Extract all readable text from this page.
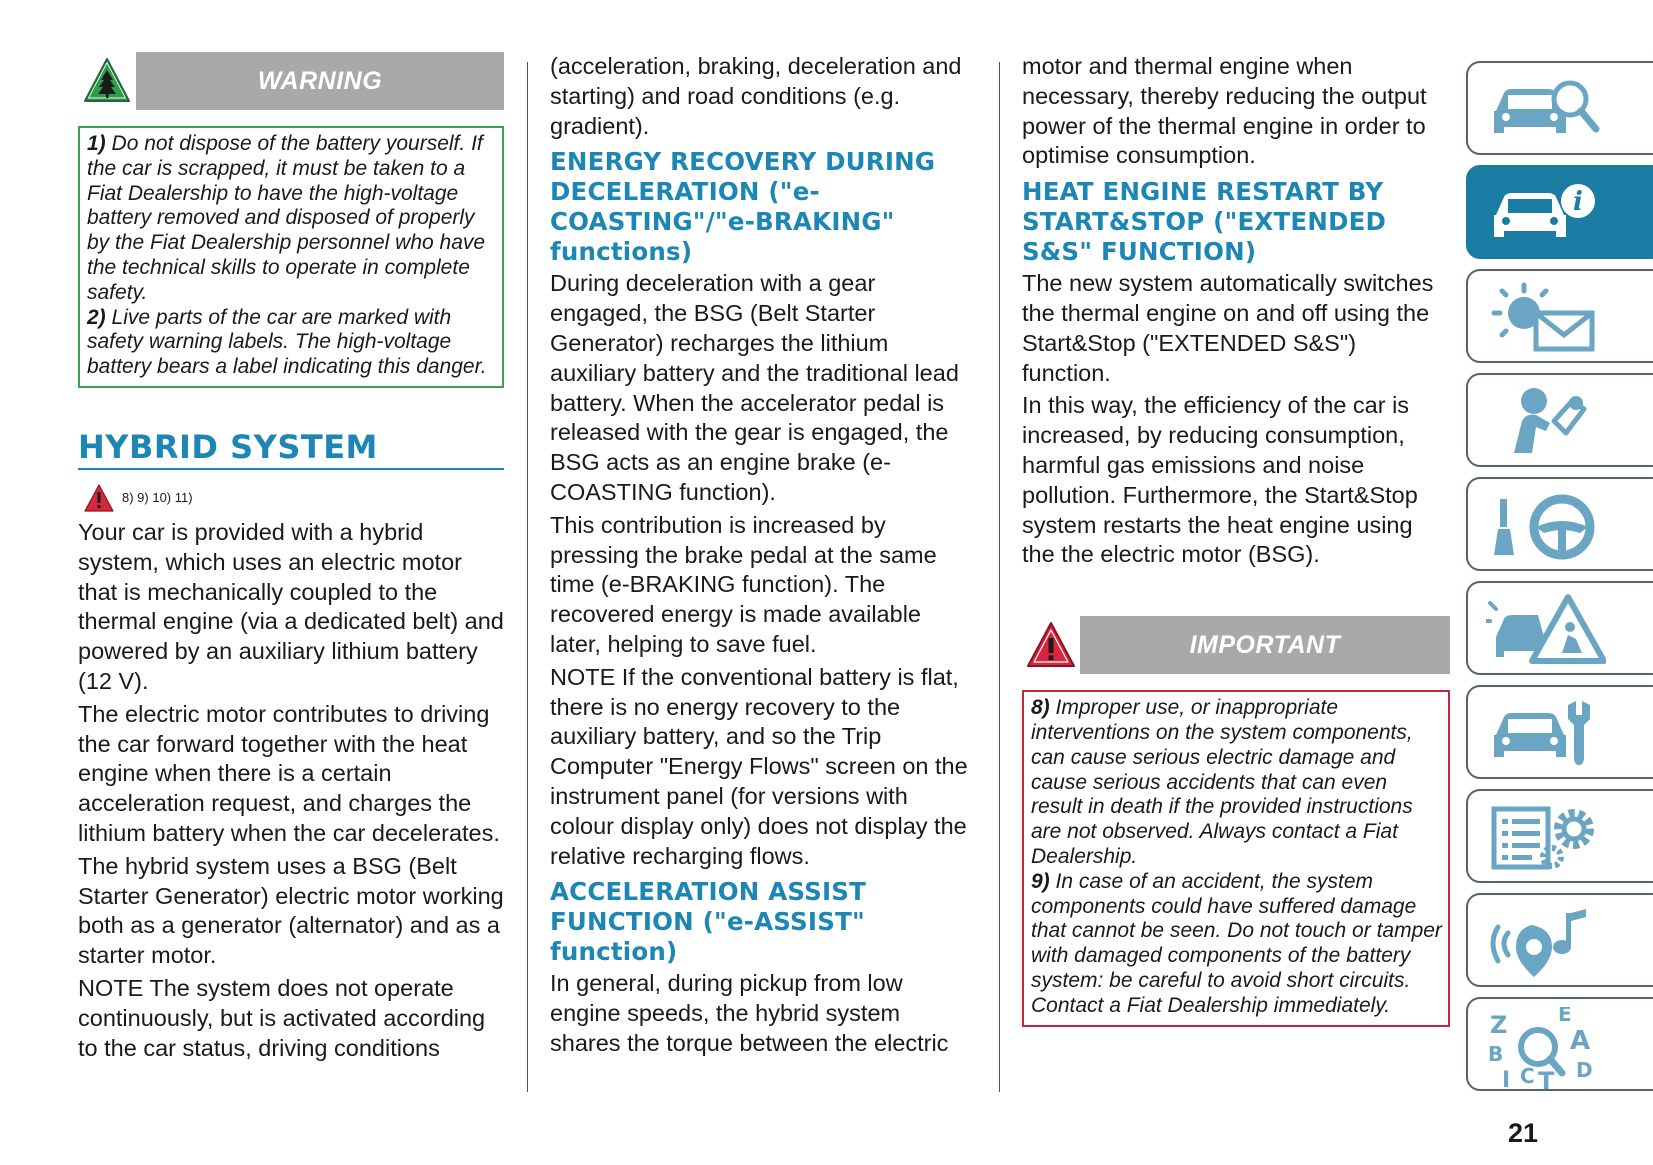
WARNING

1) Do not dispose of the battery yourself. If the car is scrapped, it must be taken to a Fiat Dealership to have the high-voltage battery removed and disposed of properly by the Fiat Dealership personnel who have the technical skills to operate in complete safety.

2) Live parts of the car are marked with safety warning labels. The high-voltage battery bears a label indicating this danger.

HYBRID SYSTEM
8) 9) 10) 11)

Your car is provided with a hybrid system, which uses an electric motor that is mechanically coupled to the thermal engine (via a dedicated belt) and powered by an auxiliary lithium battery (12 V).

The electric motor contributes to driving the car forward together with the heat engine when there is a certain acceleration request, and charges the lithium battery when the car decelerates.

The hybrid system uses a BSG (Belt Starter Generator) electric motor working both as a generator (alternator) and as a starter motor.

NOTE The system does not operate continuously, but is activated according to the car status, driving conditions

(acceleration, braking, deceleration and starting) and road conditions (e.g. gradient).

ENERGY RECOVERY DURING DECELERATION ("e-COASTING"/"e-BRAKING" functions)

During deceleration with a gear engaged, the BSG (Belt Starter Generator) recharges the lithium auxiliary battery and the traditional lead battery. When the accelerator pedal is released with the gear is engaged, the BSG acts as an engine brake (e-COASTING function).

This contribution is increased by pressing the brake pedal at the same time (e-BRAKING function). The recovered energy is made available later, helping to save fuel.

NOTE If the conventional battery is flat, there is no energy recovery to the auxiliary battery, and so the Trip Computer "Energy Flows" screen on the instrument panel (for versions with colour display only) does not display the relative recharging flows.

ACCELERATION ASSIST FUNCTION ("e-ASSIST" function)

In general, during pickup from low engine speeds, the hybrid system shares the torque between the electric

motor and thermal engine when necessary, thereby reducing the output power of the thermal engine in order to optimise consumption.

HEAT ENGINE RESTART BY START&STOP ("EXTENDED S&S" FUNCTION)

The new system automatically switches the thermal engine on and off using the Start&Stop ("EXTENDED S&S") function.

In this way, the efficiency of the car is increased, by reducing consumption, harmful gas emissions and noise pollution. Furthermore, the Start&Stop system restarts the heat engine using the the electric motor (BSG).

IMPORTANT

8) Improper use, or inappropriate interventions on the system components, can cause serious electric damage and cause serious accidents that can even result in death if the provided instructions are not observed. Always contact a Fiat Dealership.

9) In case of an accident, the system components could have suffered damage that cannot be seen. Do not touch or tamper with damaged components of the battery system: be careful to avoid short circuits. Contact a Fiat Dealership immediately.

i
Z	E
B	A
I C T D
21
